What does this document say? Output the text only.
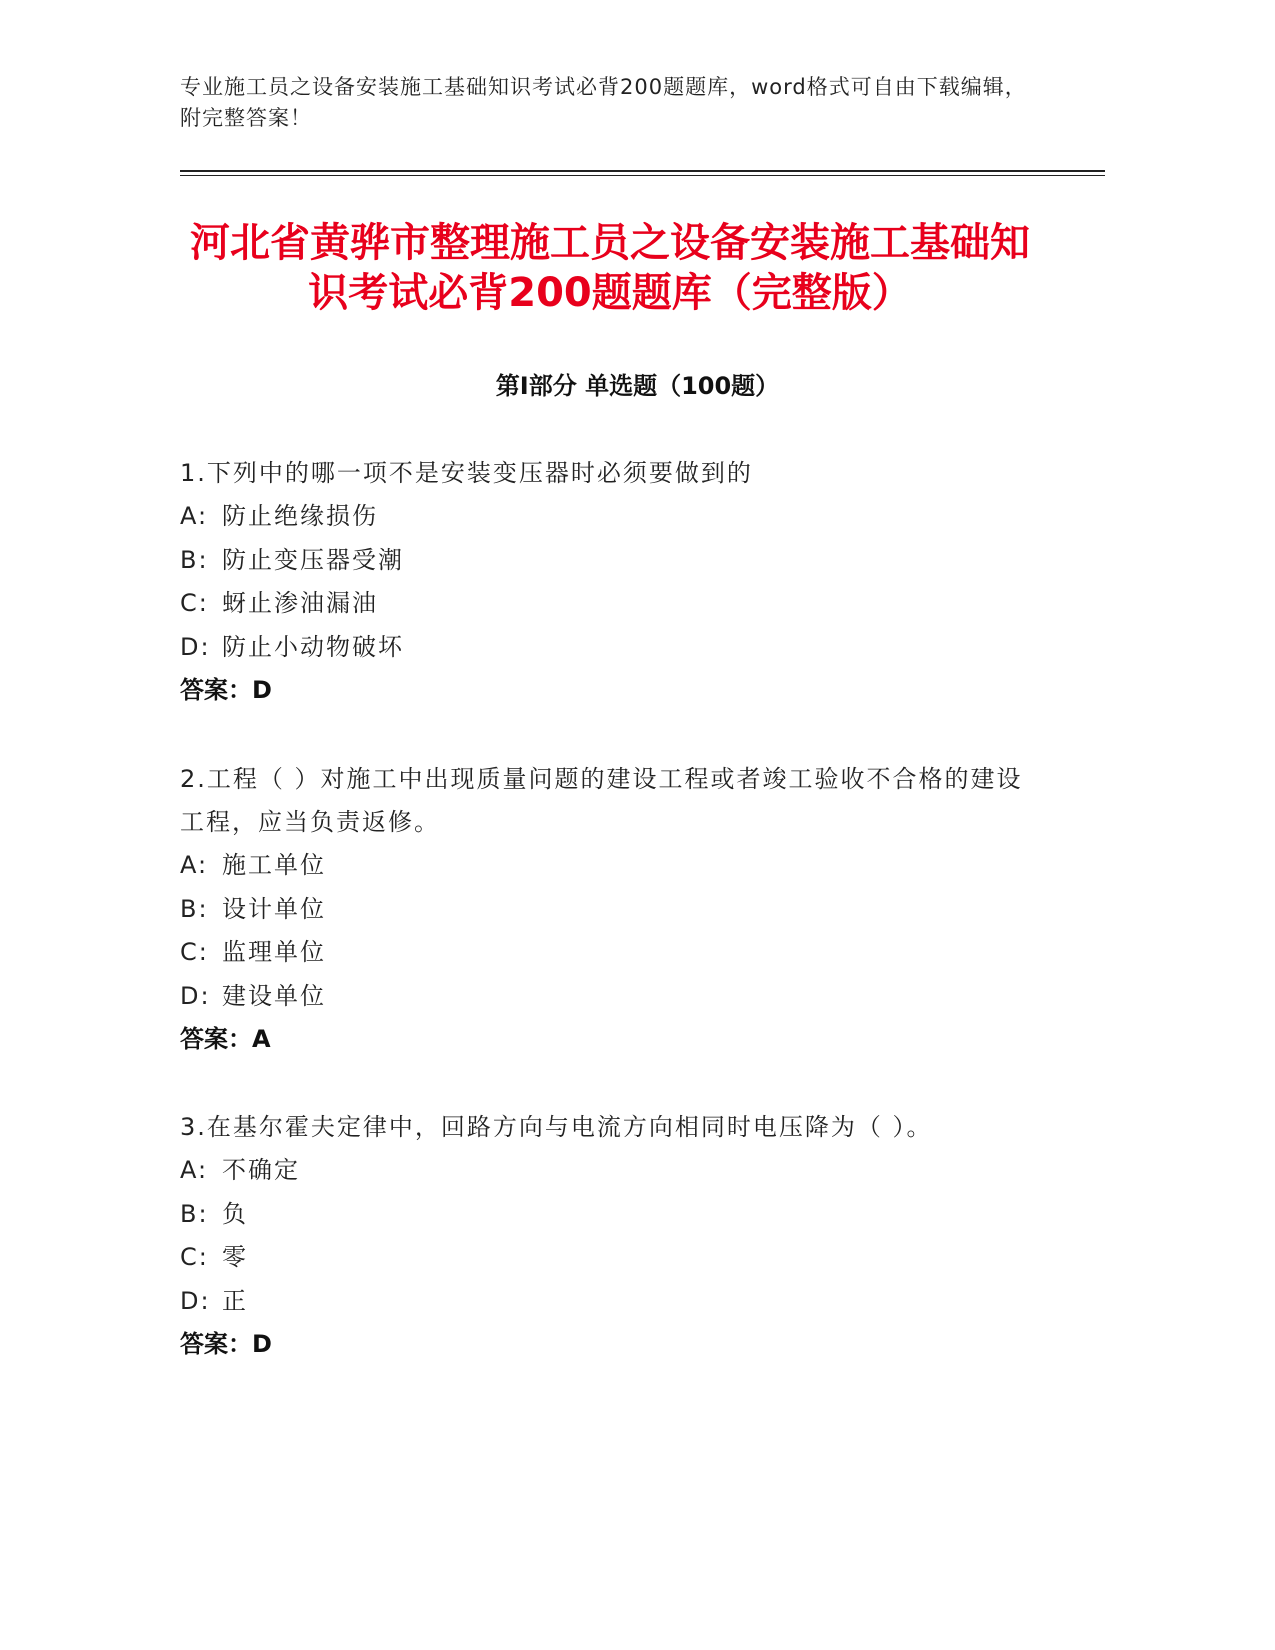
专业施工员之设备安装施工基础知识考试必背200题题库，word格式可自由下载编辑，附完整答案！
河北省黄骅市整理施工员之设备安装施工基础知识考试必背200题题库（完整版）
第Ⅰ部分 单选题（100题）
1.下列中的哪一项不是安装变压器时必须要做到的
A: 防止绝缘损伤
B: 防止变压器受潮
C: 蚜止渗油漏油
D: 防止小动物破坏
答案：D
2.工程（ ）对施工中出现质量问题的建设工程或者竣工验收不合格的建设工程，应当负责返修。
A: 施工单位
B: 设计单位
C: 监理单位
D: 建设单位
答案：A
3.在基尔霍夫定律中，回路方向与电流方向相同时电压降为（ ）。
A: 不确定
B: 负
C: 零
D: 正
答案：D
